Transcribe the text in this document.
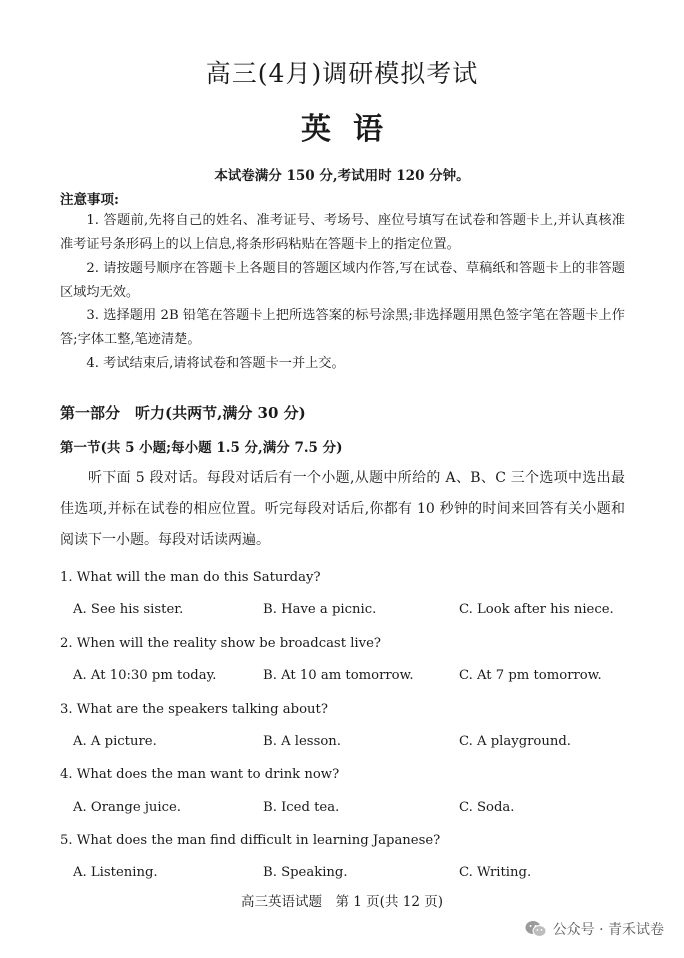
高三(4月)调研模拟考试
英语
本试卷满分 150 分,考试用时 120 分钟。
注意事项:
1. 答题前,先将自己的姓名、准考证号、考场号、座位号填写在试卷和答题卡上,并认真核准准考证号条形码上的以上信息,将条形码粘贴在答题卡上的指定位置。
2. 请按题号顺序在答题卡上各题目的答题区域内作答,写在试卷、草稿纸和答题卡上的非答题区域均无效。
3. 选择题用 2B 铅笔在答题卡上把所选答案的标号涂黑;非选择题用黑色签字笔在答题卡上作答;字体工整,笔迹清楚。
4. 考试结束后,请将试卷和答题卡一并上交。
第一部分　听力(共两节,满分 30 分)
第一节(共 5 小题;每小题 1.5 分,满分 7.5 分)
听下面 5 段对话。每段对话后有一个小题,从题中所给的 A、B、C 三个选项中选出最佳选项,并标在试卷的相应位置。听完每段对话后,你都有 10 秒钟的时间来回答有关小题和阅读下一小题。每段对话读两遍。
1. What will the man do this Saturday?
A. See his sister.	B. Have a picnic.	C. Look after his niece.
2. When will the reality show be broadcast live?
A. At 10:30 pm today.	B. At 10 am tomorrow.	C. At 7 pm tomorrow.
3. What are the speakers talking about?
A. A picture.	B. A lesson.	C. A playground.
4. What does the man want to drink now?
A. Orange juice.	B. Iced tea.	C. Soda.
5. What does the man find difficult in learning Japanese?
A. Listening.	B. Speaking.	C. Writing.
高三英语试题　第 1 页(共 12 页)
公众号 · 青禾试卷
